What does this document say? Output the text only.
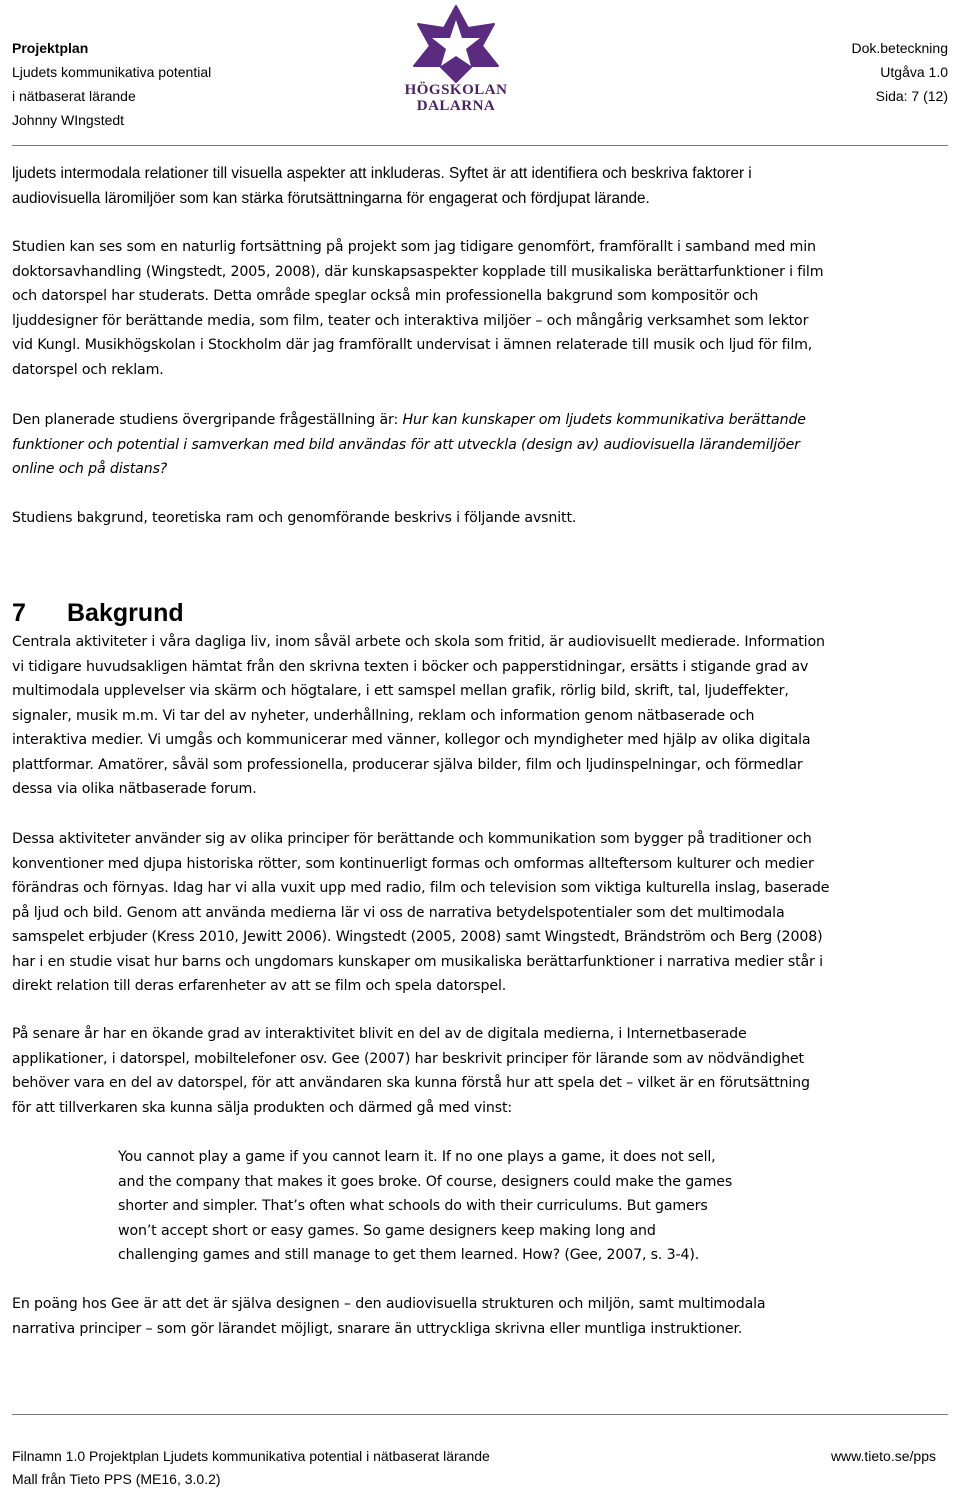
Projektplan
Ljudets kommunikativa potential
i nätbaserat lärande
Johnny WIngstedt
HÖGSKOLAN
DALARNA
Dok.beteckning
Utgåva 1.0
Sida: 7 (12)

ljudets intermodala relationer till visuella aspekter att inkluderas. Syftet är att identifiera och beskriva faktorer i

audiovisuella läromiljöer som kan stärka förutsättningarna för engagerat och fördjupat lärande.

Studien kan ses som en naturlig fortsättning på projekt som jag tidigare genomfört, framförallt i samband med min

doktorsavhandling (Wingstedt, 2005, 2008), där kunskapsaspekter kopplade till musikaliska berättarfunktioner i film

och datorspel har studerats. Detta område speglar också min professionella bakgrund som kompositör och

ljuddesigner för berättande media, som film, teater och interaktiva miljöer – och mångårig verksamhet som lektor

vid Kungl. Musikhögskolan i Stockholm där jag framförallt undervisat i ämnen relaterade till musik och ljud för film,

datorspel och reklam.

Den planerade studiens övergripande frågeställning är: Hur kan kunskaper om ljudets kommunikativa berättande

funktioner och potential i samverkan med bild användas för att utveckla (design av) audiovisuella lärandemiljöer

online och på distans?

Studiens bakgrund, teoretiska ram och genomförande beskrivs i följande avsnitt.

7 Bakgrund

Centrala aktiviteter i våra dagliga liv, inom såväl arbete och skola som fritid, är audiovisuellt medierade. Information

vi tidigare huvudsakligen hämtat från den skrivna texten i böcker och papperstidningar, ersätts i stigande grad av

multimodala upplevelser via skärm och högtalare, i ett samspel mellan grafik, rörlig bild, skrift, tal, ljudeffekter,

signaler, musik m.m. Vi tar del av nyheter, underhållning, reklam och information genom nätbaserade och

interaktiva medier. Vi umgås och kommunicerar med vänner, kollegor och myndigheter med hjälp av olika digitala

plattformar. Amatörer, såväl som professionella, producerar själva bilder, film och ljudinspelningar, och förmedlar

dessa via olika nätbaserade forum.

Dessa aktiviteter använder sig av olika principer för berättande och kommunikation som bygger på traditioner och

konventioner med djupa historiska rötter, som kontinuerligt formas och omformas allteftersom kulturer och medier

förändras och förnyas. Idag har vi alla vuxit upp med radio, film och television som viktiga kulturella inslag, baserade

på ljud och bild. Genom att använda medierna lär vi oss de narrativa betydelspotentialer som det multimodala

samspelet erbjuder (Kress 2010, Jewitt 2006). Wingstedt (2005, 2008) samt Wingstedt, Brändström och Berg (2008)

har i en studie visat hur barns och ungdomars kunskaper om musikaliska berättarfunktioner i narrativa medier står i

direkt relation till deras erfarenheter av att se film och spela datorspel.

På senare år har en ökande grad av interaktivitet blivit en del av de digitala medierna, i Internetbaserade

applikationer, i datorspel, mobiltelefoner osv. Gee (2007) har beskrivit principer för lärande som av nödvändighet

behöver vara en del av datorspel, för att användaren ska kunna förstå hur att spela det – vilket är en förutsättning

för att tillverkaren ska kunna sälja produkten och därmed gå med vinst:

You cannot play a game if you cannot learn it. If no one plays a game, it does not sell,

and the company that makes it goes broke. Of course, designers could make the games

shorter and simpler. That’s often what schools do with their curriculums. But gamers

won’t accept short or easy games. So game designers keep making long and

challenging games and still manage to get them learned. How? (Gee, 2007, s. 3-4).

En poäng hos Gee är att det är själva designen – den audiovisuella strukturen och miljön, samt multimodala

narrativa principer – som gör lärandet möjligt, snarare än uttryckliga skrivna eller muntliga instruktioner.

Filnamn 1.0 Projektplan Ljudets kommunikativa potential i nätbaserat lärande	www.tieto.se/pps
Mall från Tieto PPS (ME16, 3.0.2)
